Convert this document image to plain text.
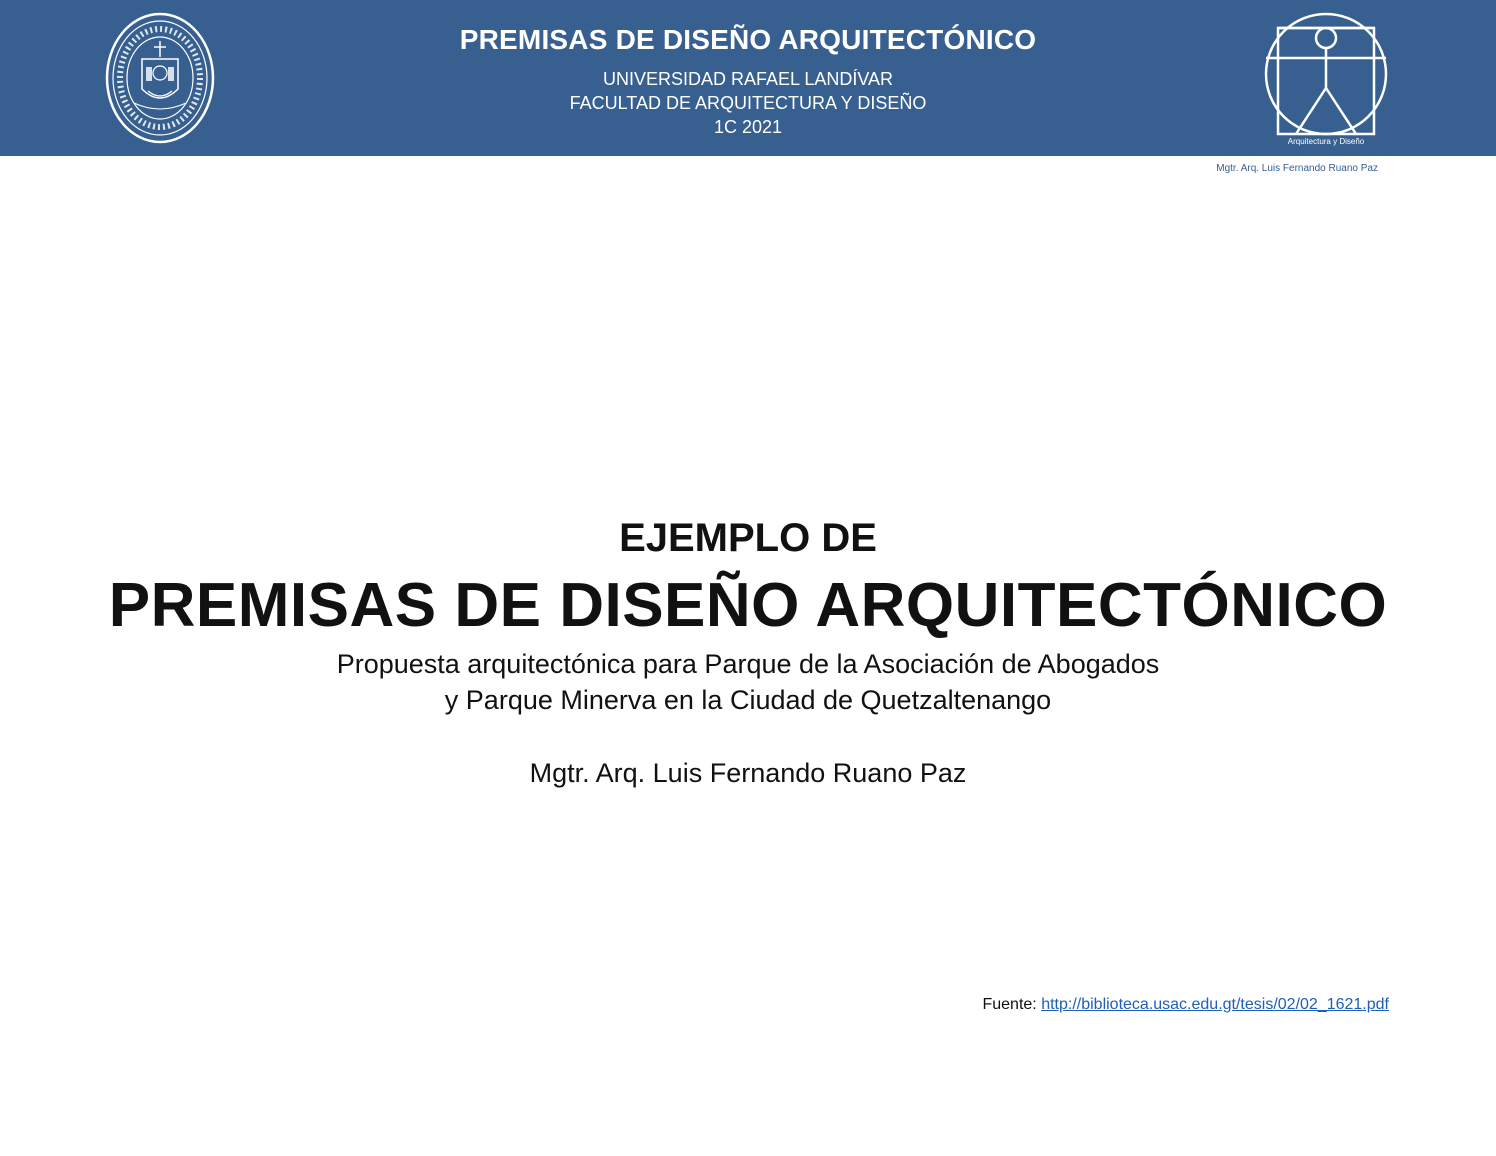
PREMISAS DE DISEÑO ARQUITECTÓNICO
UNIVERSIDAD RAFAEL LANDÍVAR
FACULTAD DE ARQUITECTURA Y DISEÑO
1C 2021
Arquitectura y Diseño
Mgtr. Arq. Luis Fernando Ruano Paz
EJEMPLO DE
PREMISAS DE DISEÑO ARQUITECTÓNICO
Propuesta arquitectónica para Parque de la Asociación de Abogados
y Parque Minerva en la Ciudad de Quetzaltenango
Mgtr. Arq. Luis Fernando Ruano Paz
Fuente: http://biblioteca.usac.edu.gt/tesis/02/02_1621.pdf
